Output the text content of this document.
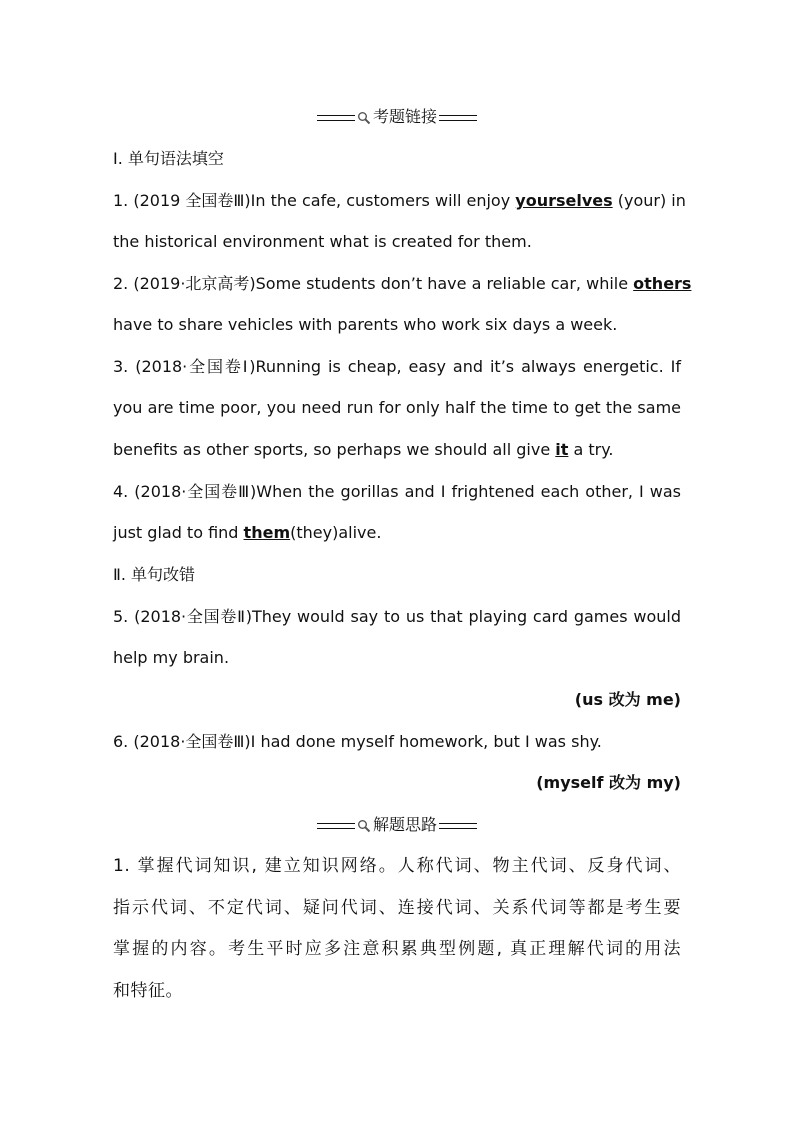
考题链接
Ⅰ. 单句语法填空
1. (2019 全国卷Ⅲ)In the cafe, customers will enjoy yourselves (your) in
the historical environment what is created for them.
2. (2019·北京高考)Some students don’t have a reliable car, while others
have to share vehicles with parents who work six days a week.
3. (2018·全国卷Ⅰ)Running is cheap, easy and it’s always energetic. If
you are time poor, you need run for only half the time to get the same
benefits as other sports, so perhaps we should all give it a try.
4. (2018·全国卷Ⅲ)When the gorillas and I frightened each other, I was
just glad to find them(they)alive.
Ⅱ. 单句改错
5. (2018·全国卷Ⅱ)They would say to us that playing card games would
help my brain.
(us 改为 me)
6. (2018·全国卷Ⅲ)I had done myself homework, but I was shy.
(myself 改为 my)
解题思路
1. 掌握代词知识, 建立知识网络。人称代词、物主代词、反身代词、
指示代词、不定代词、疑问代词、连接代词、关系代词等都是考生要
掌握的内容。考生平时应多注意积累典型例题, 真正理解代词的用法
和特征。
